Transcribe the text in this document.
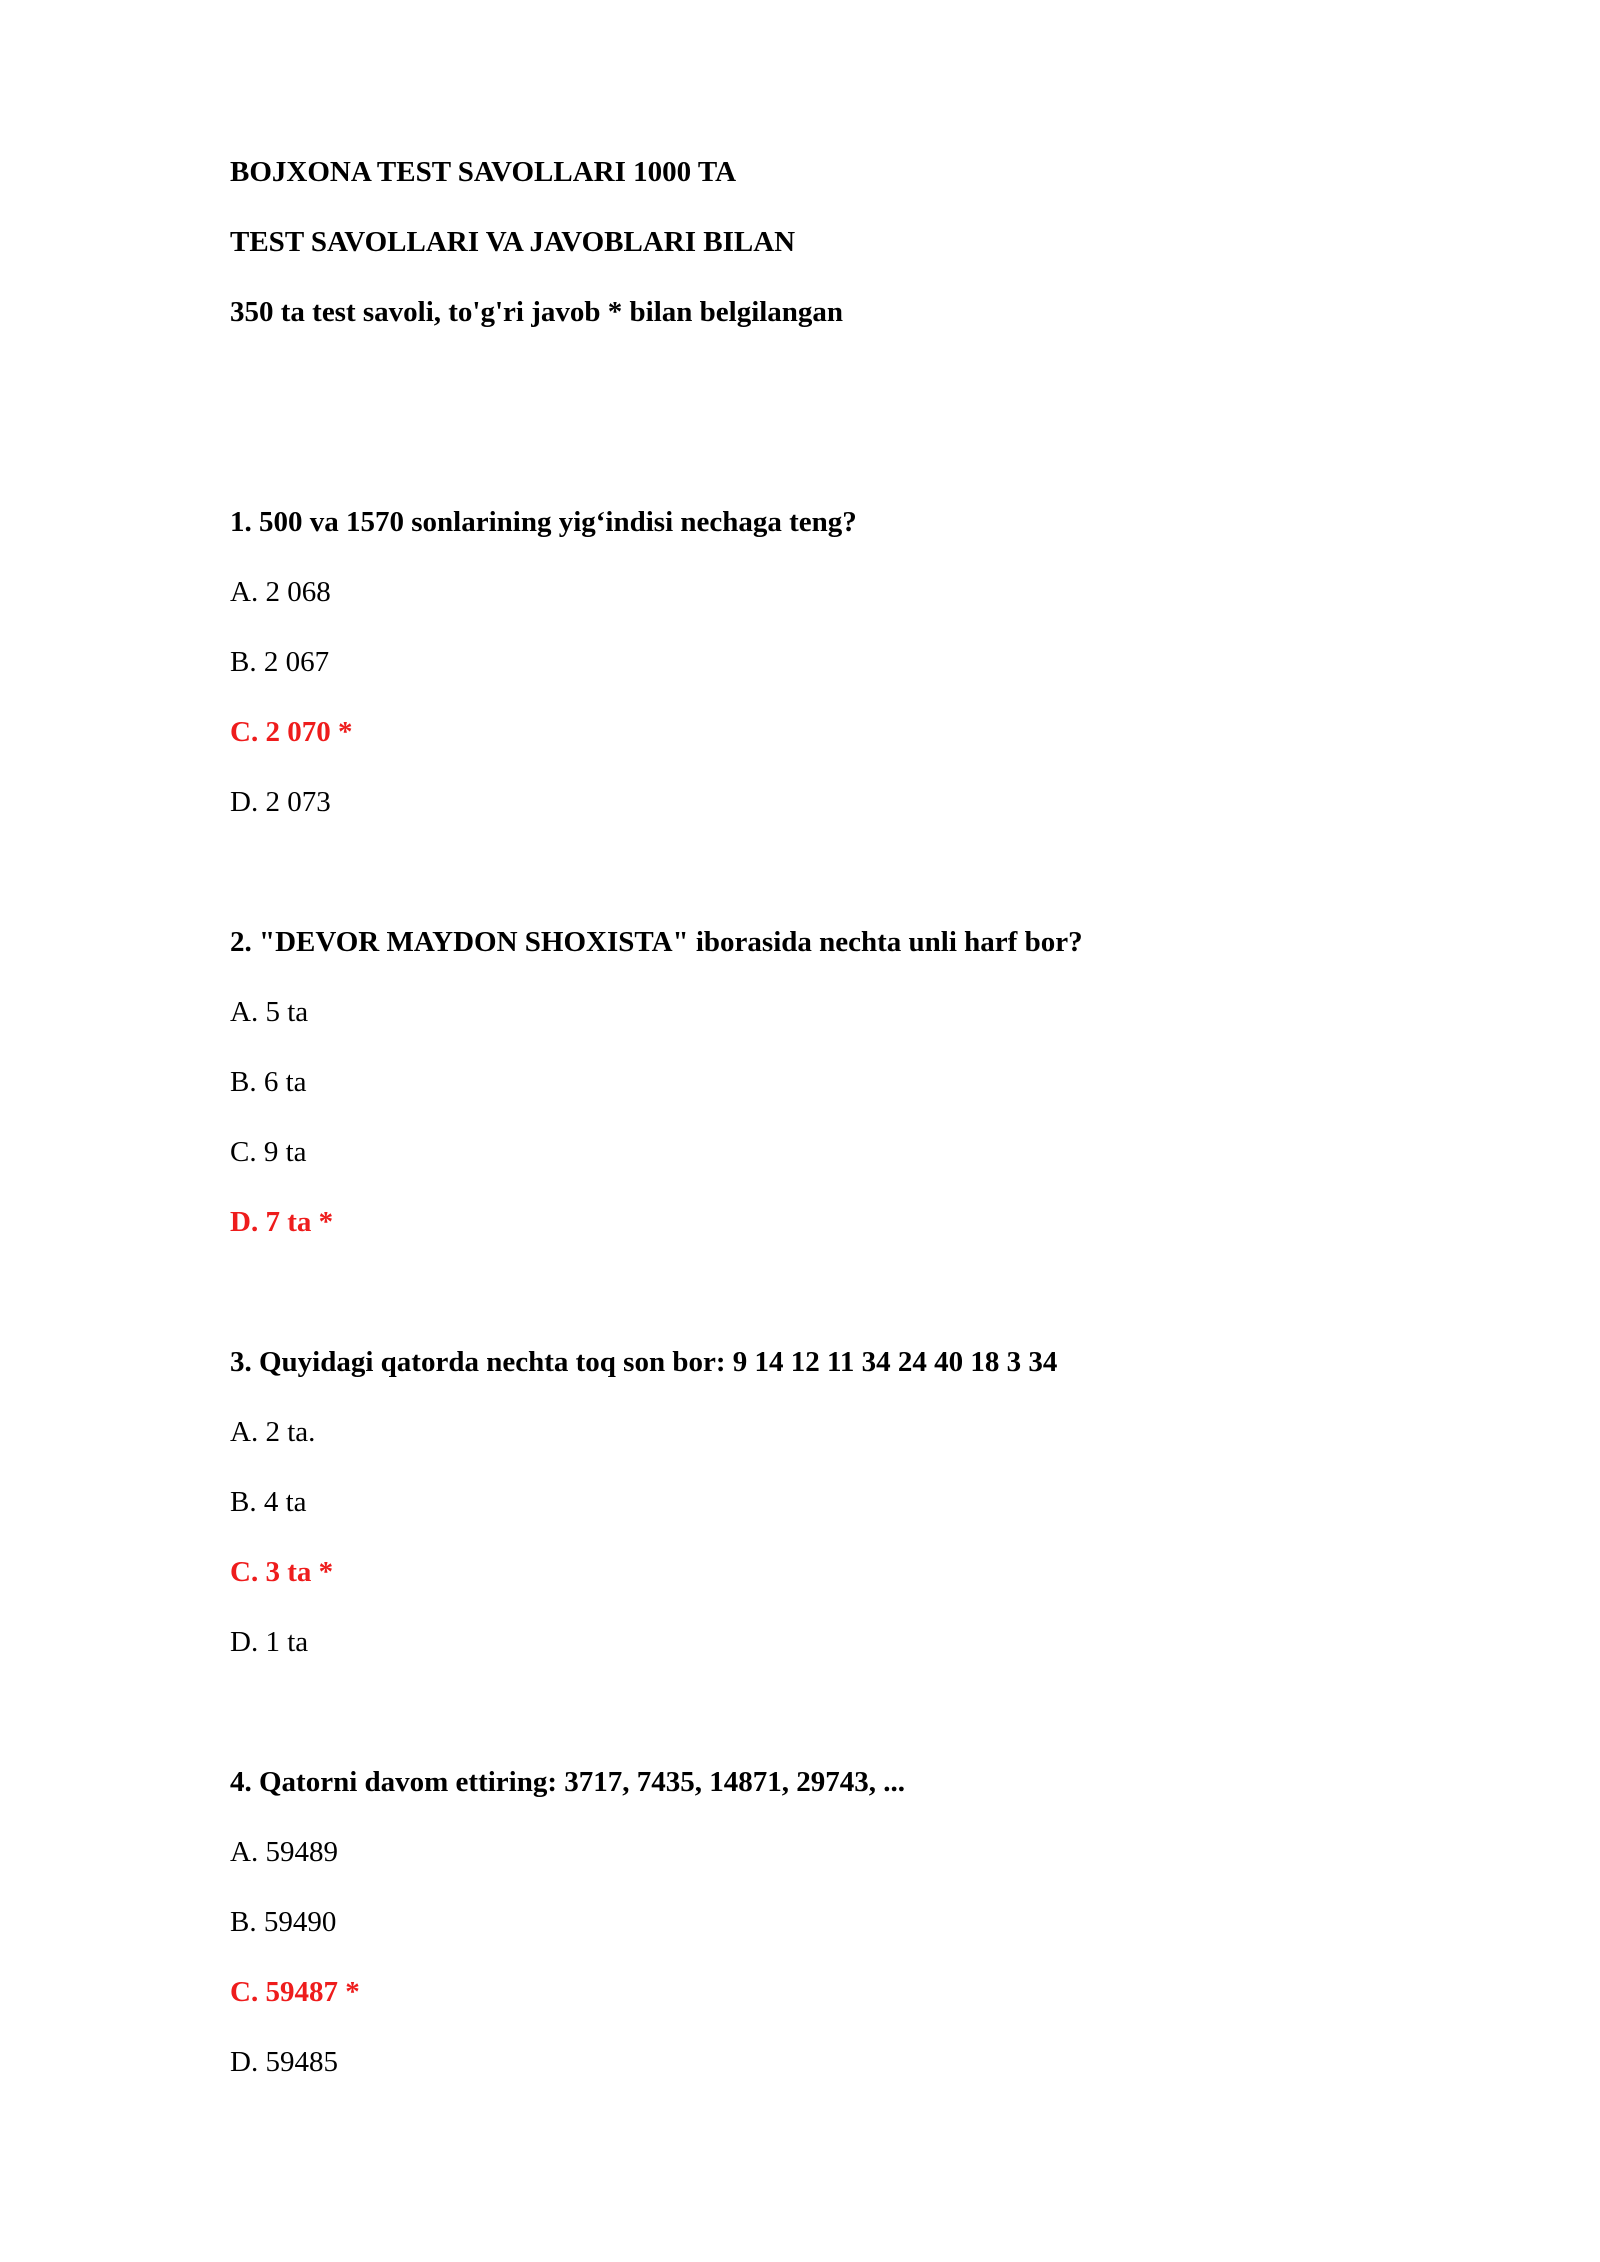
BOJXONA TEST SAVOLLARI 1000 TA
TEST SAVOLLARI VA JAVOBLARI BILAN
350 ta test savoli, to'g'ri javob * bilan belgilangan
1. 500 va 1570 sonlarining yig‘indisi nechaga teng?
A. 2 068
B. 2 067
C. 2 070 *
D. 2 073
2. "DEVOR MAYDON SHOXISTA" iborasida nechta unli harf bor?
A. 5 ta
B. 6 ta
C. 9 ta
D. 7 ta *
3. Quyidagi qatorda nechta toq son bor: 9 14 12 11 34 24 40 18 3 34
A. 2 ta.
B. 4 ta
C. 3 ta *
D. 1 ta
4. Qatorni davom ettiring: 3717, 7435, 14871, 29743, ...
A. 59489
B. 59490
C. 59487 *
D. 59485
